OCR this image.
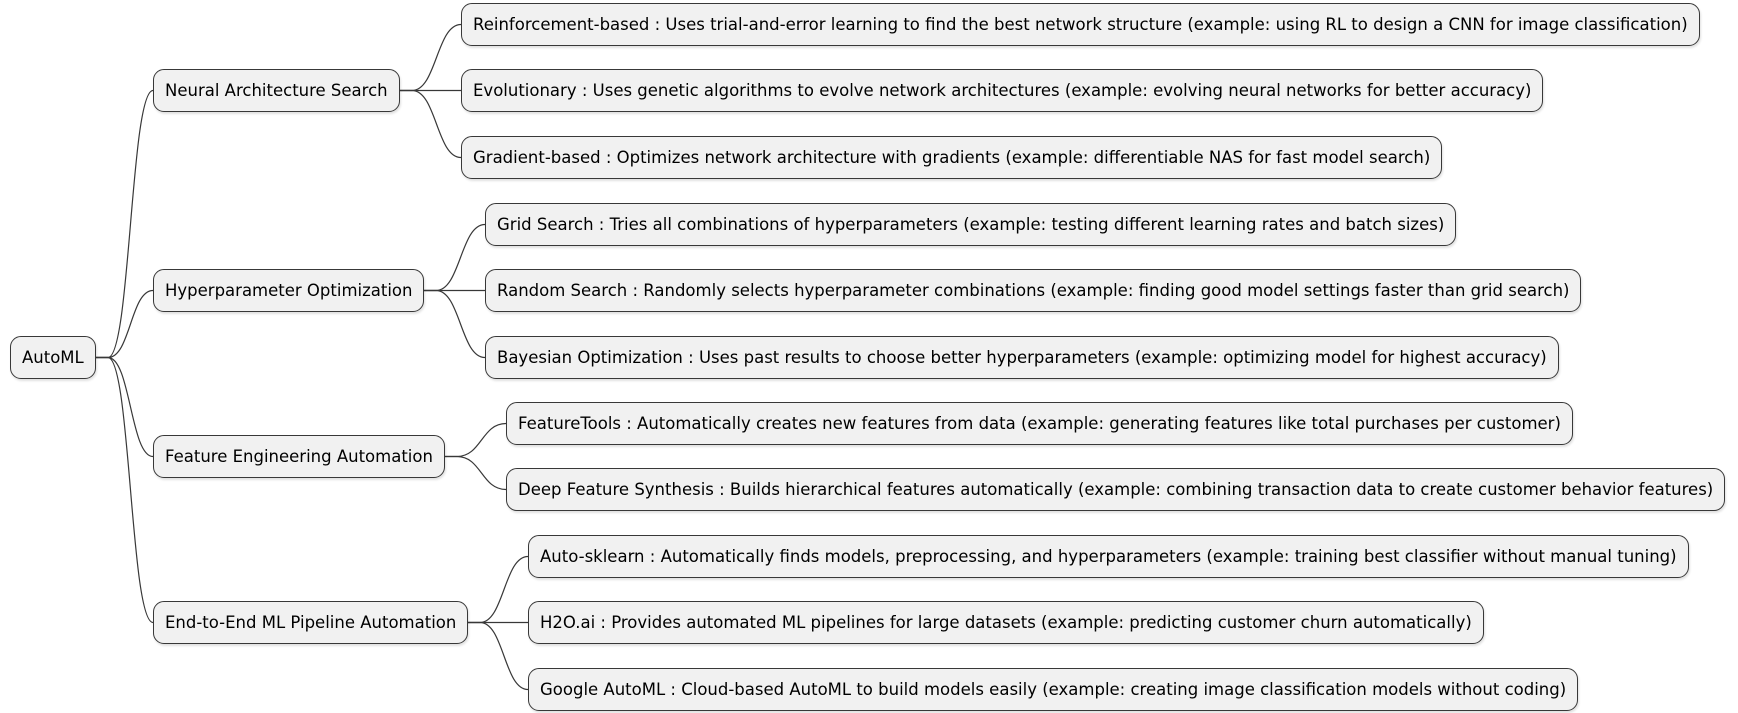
AutoML
Neural Architecture Search
Reinforcement-based : Uses trial-and-error learning to find the best network structure (example: using RL to design a CNN for image classification)
Evolutionary : Uses genetic algorithms to evolve network architectures (example: evolving neural networks for better accuracy)
Gradient-based : Optimizes network architecture with gradients (example: differentiable NAS for fast model search)
Hyperparameter Optimization
Grid Search : Tries all combinations of hyperparameters (example: testing different learning rates and batch sizes)
Random Search : Randomly selects hyperparameter combinations (example: finding good model settings faster than grid search)
Bayesian Optimization : Uses past results to choose better hyperparameters (example: optimizing model for highest accuracy)
Feature Engineering Automation
FeatureTools : Automatically creates new features from data (example: generating features like total purchases per customer)
Deep Feature Synthesis : Builds hierarchical features automatically (example: combining transaction data to create customer behavior features)
End-to-End ML Pipeline Automation
Auto-sklearn : Automatically finds models, preprocessing, and hyperparameters (example: training best classifier without manual tuning)
H2O.ai : Provides automated ML pipelines for large datasets (example: predicting customer churn automatically)
Google AutoML : Cloud-based AutoML to build models easily (example: creating image classification models without coding)
